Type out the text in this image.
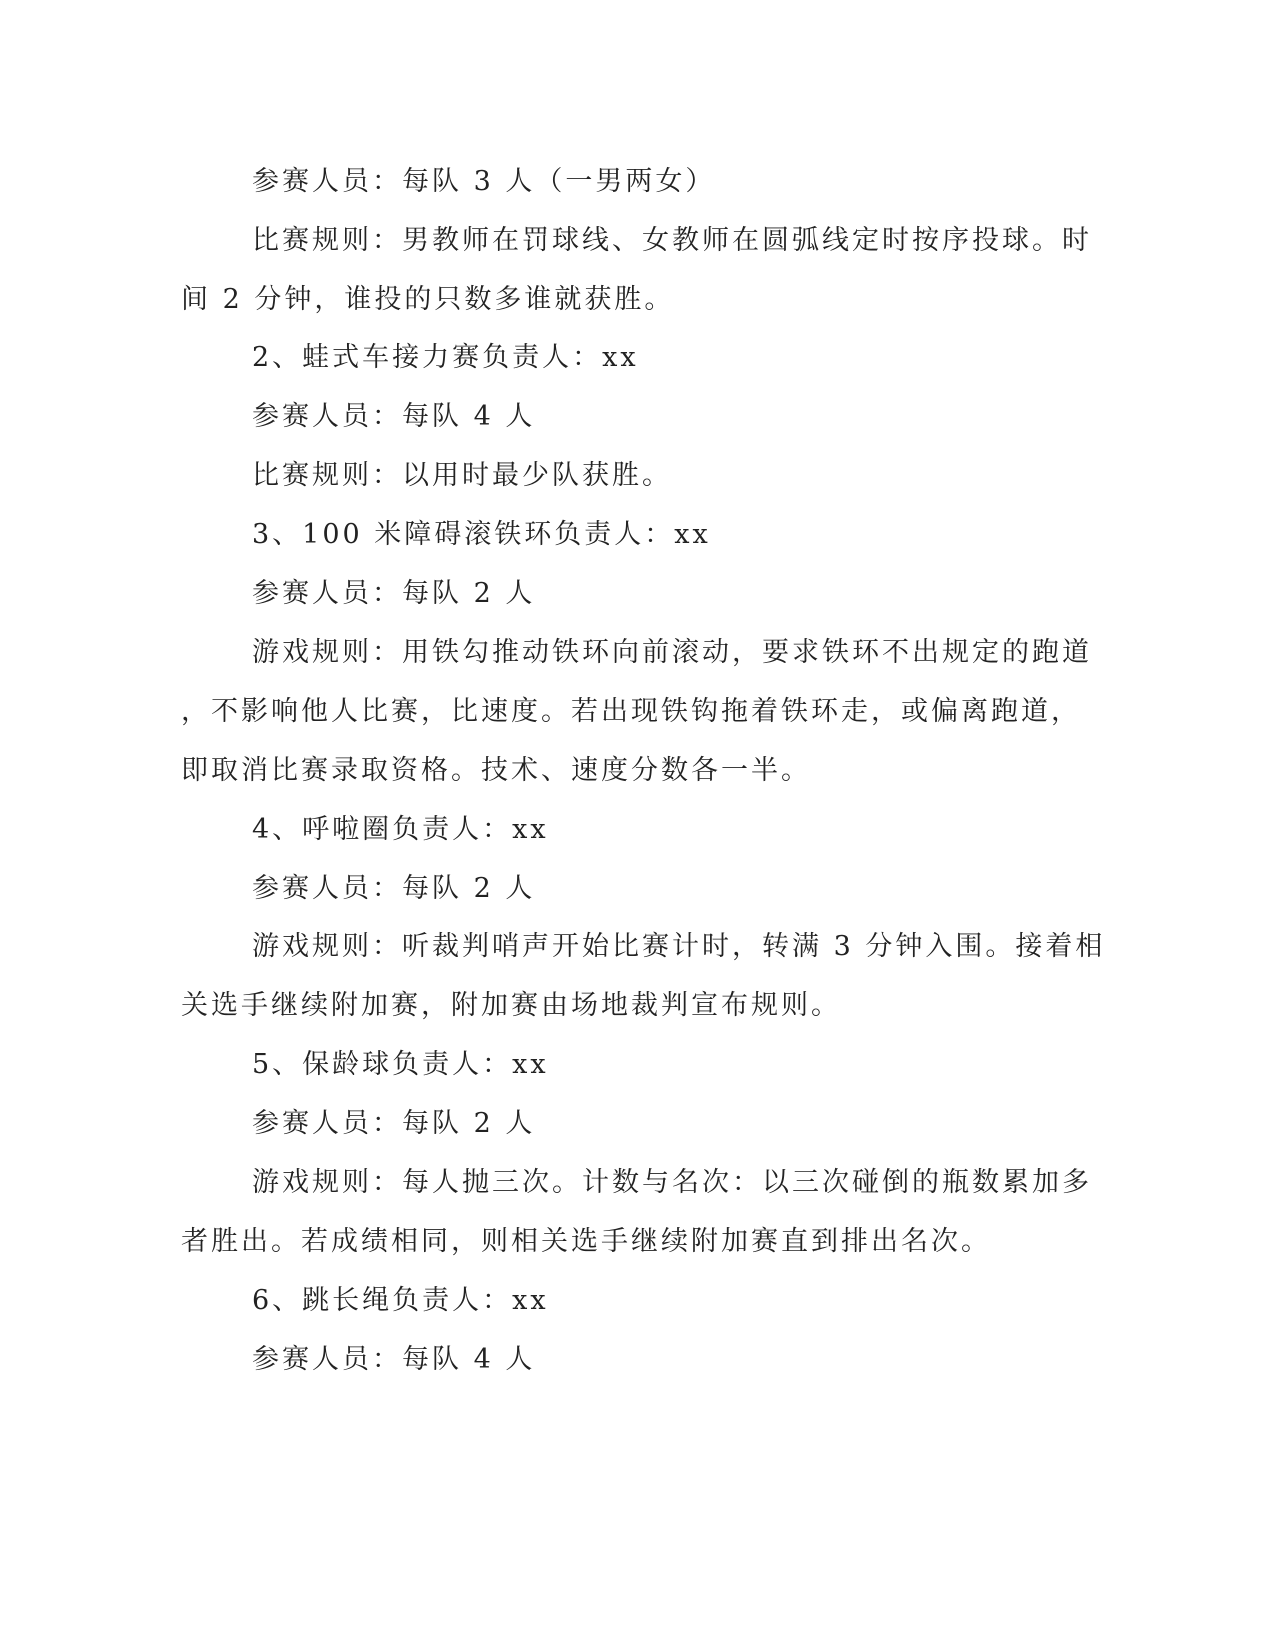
参赛人员：每队 3 人（一男两女）
比赛规则：男教师在罚球线、女教师在圆弧线定时按序投球。时
间 2 分钟，谁投的只数多谁就获胜。
2、蛙式车接力赛负责人：xx
参赛人员：每队 4 人
比赛规则：以用时最少队获胜。
3、100 米障碍滚铁环负责人：xx
参赛人员：每队 2 人
游戏规则：用铁勾推动铁环向前滚动，要求铁环不出规定的跑道
，不影响他人比赛，比速度。若出现铁钩拖着铁环走，或偏离跑道，
即取消比赛录取资格。技术、速度分数各一半。
4、呼啦圈负责人：xx
参赛人员：每队 2 人
游戏规则：听裁判哨声开始比赛计时，转满 3 分钟入围。接着相
关选手继续附加赛，附加赛由场地裁判宣布规则。
5、保龄球负责人：xx
参赛人员：每队 2 人
游戏规则：每人抛三次。计数与名次：以三次碰倒的瓶数累加多
者胜出。若成绩相同，则相关选手继续附加赛直到排出名次。
6、跳长绳负责人：xx
参赛人员：每队 4 人
